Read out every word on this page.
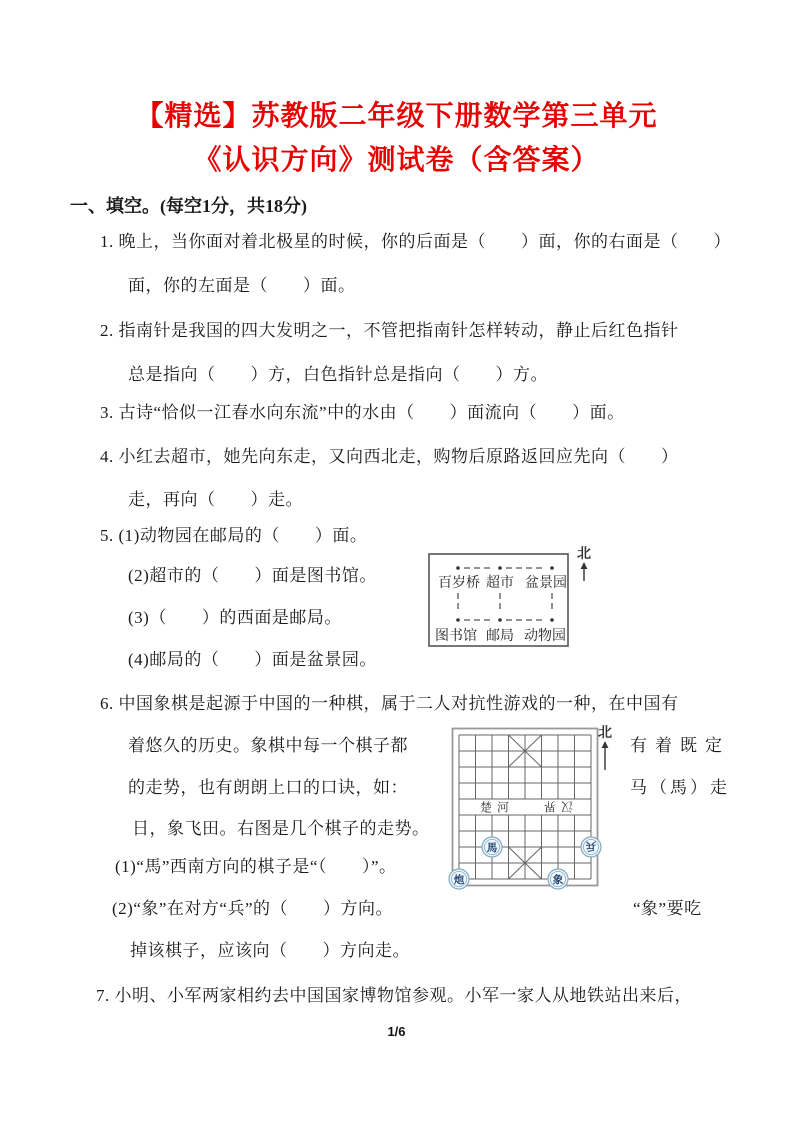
【精选】苏教版二年级下册数学第三单元
《认识方向》测试卷（含答案）
一、填空。(每空1分，共18分)
1. 晚上，当你面对着北极星的时候，你的后面是（　　）面，你的右面是（　　）
面，你的左面是（　　）面。
2. 指南针是我国的四大发明之一，不管把指南针怎样转动，静止后红色指针
总是指向（　　）方，白色指针总是指向（　　）方。
3. 古诗“恰似一江春水向东流”中的水由（　　）面流向（　　）面。
4. 小红去超市，她先向东走，又向西北走，购物后原路返回应先向（　　）
走，再向（　　）走。
5. (1)动物园在邮局的（　　）面。
(2)超市的（　　）面是图书馆。
(3)（　　）的西面是邮局。
(4)邮局的（　　）面是盆景园。
百岁桥 超市 盆景园
图书馆 邮局 动物园
北
6. 中国象棋是起源于中国的一种棋，属于二人对抗性游戏的一种，在中国有
着悠久的历史。象棋中每一个棋子都	有着既定
的走势，也有朗朗上口的口诀，如：	马（馬）走
日，象飞田。右图是几个棋子的走势。
(1)“馬”西南方向的棋子是“（　　）”。
(2)“象”在对方“兵”的（　　）方向。	“象”要吃
掉该棋子，应该向（　　）方向走。
楚河 汉界
馬	兵
炮	象
北
7. 小明、小军两家相约去中国国家博物馆参观。小军一家人从地铁站出来后，
1/6
